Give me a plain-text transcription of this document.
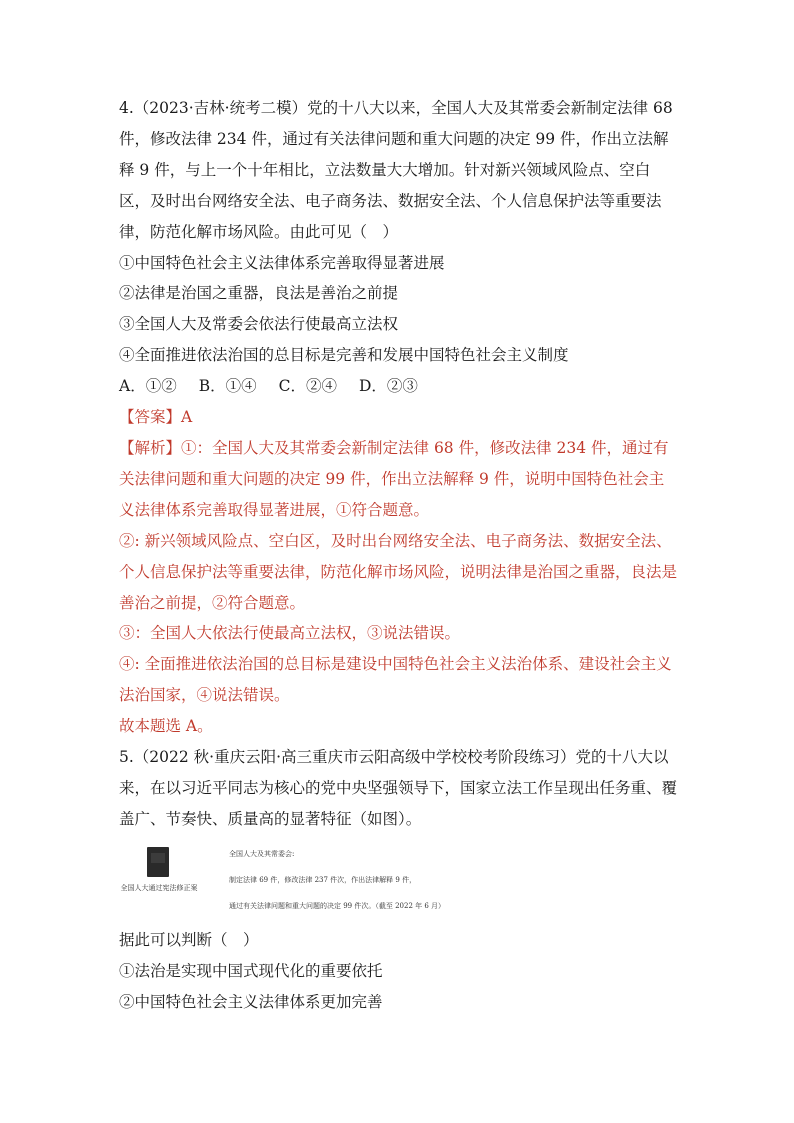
4.（2023·吉林·统考二模）党的十八大以来，全国人大及其常委会新制定法律 68 件，修改法律 234 件，通过有关法律问题和重大问题的决定 99 件，作出立法解释 9 件，与上一个十年相比，立法数量大大增加。针对新兴领域风险点、空白区，及时出台网络安全法、电子商务法、数据安全法、个人信息保护法等重要法律，防范化解市场风险。由此可见（　）

①中国特色社会主义法律体系完善取得显著进展

②法律是治国之重器，良法是善治之前提

③全国人大及常委会依法行使最高立法权

④全面推进依法治国的总目标是完善和发展中国特色社会主义制度

A．①② B．①④ C．②④ D．②③

【答案】A

【解析】①：全国人大及其常委会新制定法律 68 件，修改法律 234 件，通过有关法律问题和重大问题的决定 99 件，作出立法解释 9 件，说明中国特色社会主义法律体系完善取得显著进展，①符合题意。

②: 新兴领域风险点、空白区，及时出台网络安全法、电子商务法、数据安全法、个人信息保护法等重要法律，防范化解市场风险，说明法律是治国之重器，良法是善治之前提，②符合题意。

③：全国人大依法行使最高立法权，③说法错误。

④: 全面推进依法治国的总目标是建设中国特色社会主义法治体系、建设社会主义法治国家，④说法错误。

故本题选 A。

5.（2022 秋·重庆云阳·高三重庆市云阳高级中学校校考阶段练习）党的十八大以来，在以习近平同志为核心的党中央坚强领导下，国家立法工作呈现出任务重、覆盖广、节奏快、质量高的显著特征（如图）。

全国人大通过宪法修正案
全国人大及其常委会:
制定法律 69 件，修改法律 237 件次，作出法律解释 9 件，
通过有关法律问题和重大问题的决定 99 件次。（截至 2022 年 6 月）

据此可以判断（　）

①法治是实现中国式现代化的重要依托

②中国特色社会主义法律体系更加完善
